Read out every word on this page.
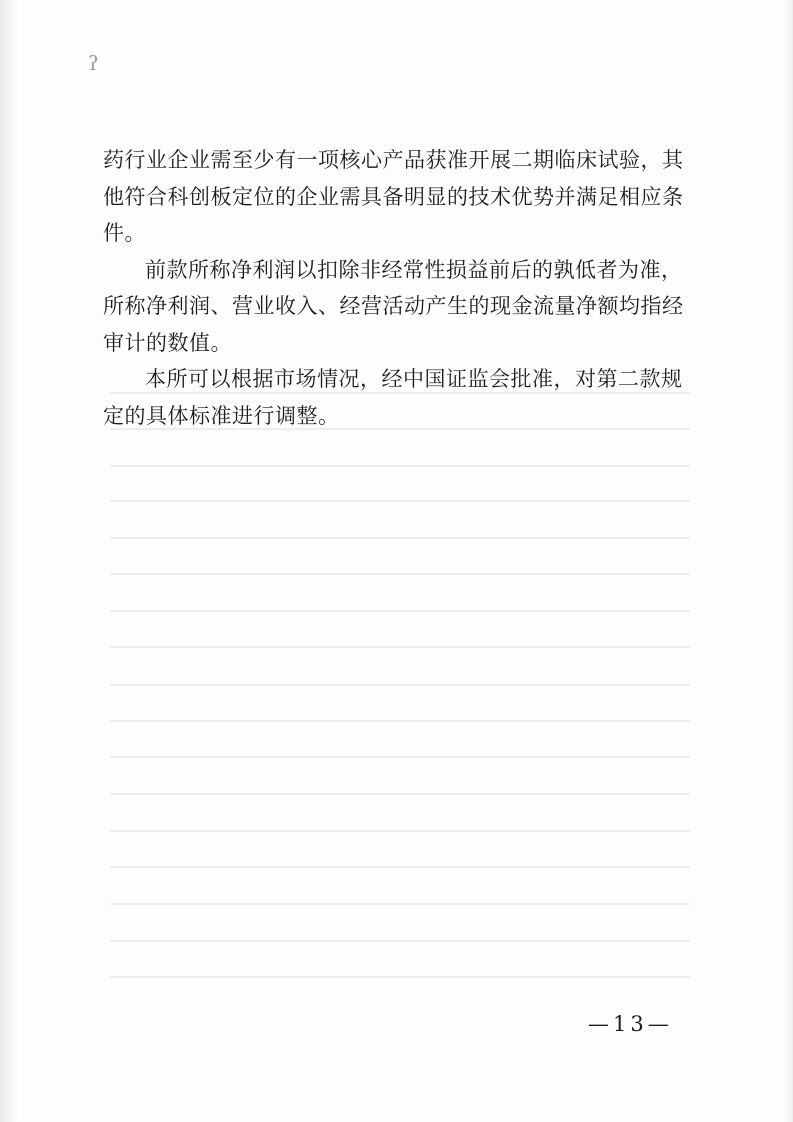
ʔ

药行业企业需至少有一项核心产品获准开展二期临床试验，其他符合科创板定位的企业需具备明显的技术优势并满足相应条件。

前款所称净利润以扣除非经常性损益前后的孰低者为准，所称净利润、营业收入、经营活动产生的现金流量净额均指经审计的数值。

本所可以根据市场情况，经中国证监会批准，对第二款规定的具体标准进行调整。

—13—
